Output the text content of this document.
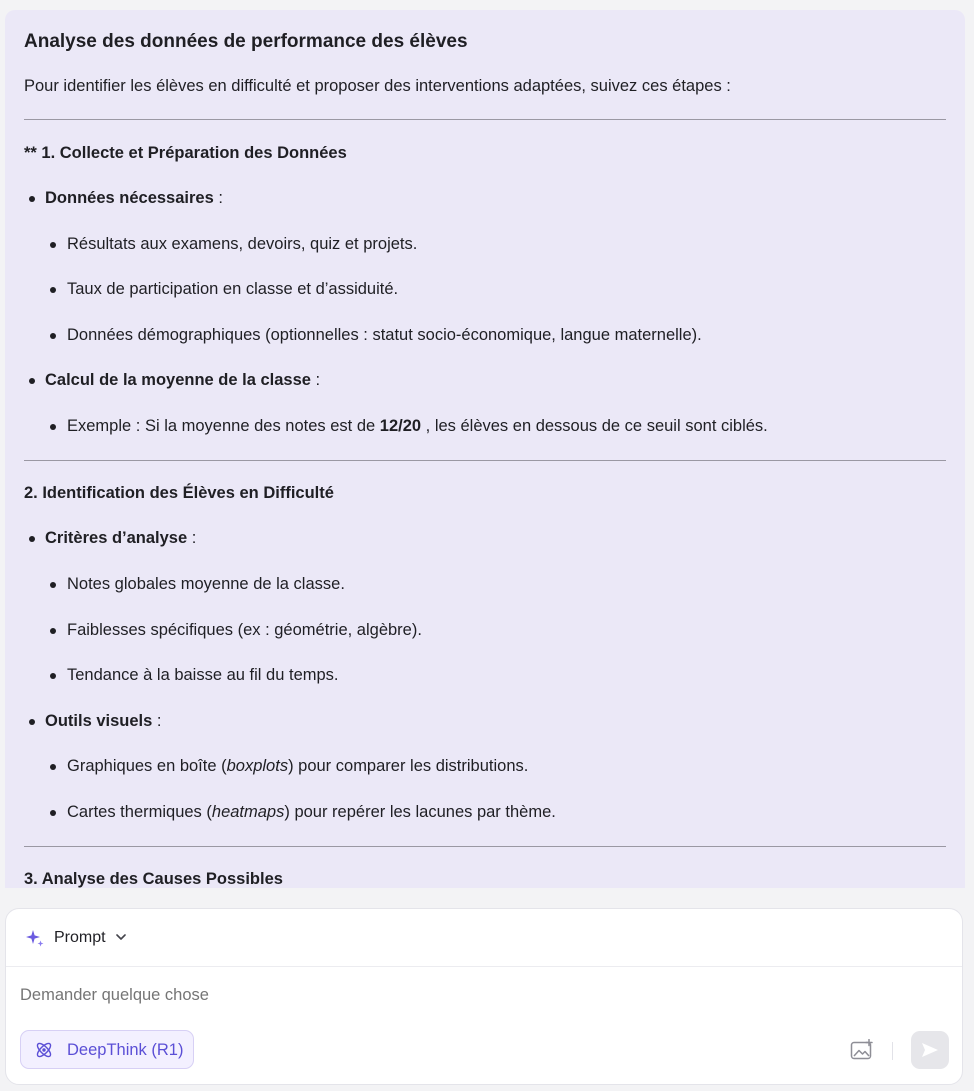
Analyse des données de performance des élèves
Pour identifier les élèves en difficulté et proposer des interventions adaptées, suivez ces étapes :
** 1. Collecte et Préparation des Données
Données nécessaires :
Résultats aux examens, devoirs, quiz et projets.
Taux de participation en classe et d’assiduité.
Données démographiques (optionnelles : statut socio-économique, langue maternelle).
Calcul de la moyenne de la classe :
Exemple : Si la moyenne des notes est de 12/20 , les élèves en dessous de ce seuil sont ciblés.
2. Identification des Élèves en Difficulté
Critères d’analyse :
Notes globales moyenne de la classe.
Faiblesses spécifiques (ex : géométrie, algèbre).
Tendance à la baisse au fil du temps.
Outils visuels :
Graphiques en boîte (boxplots) pour comparer les distributions.
Cartes thermiques (heatmaps) pour repérer les lacunes par thème.
3. Analyse des Causes Possibles
Prompt
Demander quelque chose
DeepThink (R1)
